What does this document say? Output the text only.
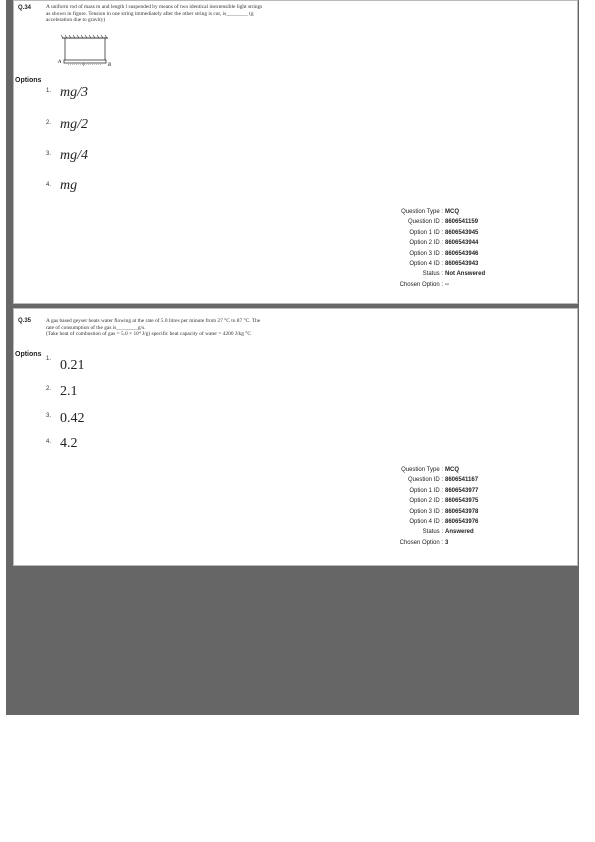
Q.34	A uniform rod of mass m and length l suspended by means of two identical inextensible light strings
as shown in figure. Tension in one string immediately after the other string is cut, is________ (g
acceleration due to gravity)
A
B
l
Options
1. mg/3
2. mg/2
3. mg/4
4. mg
Question Type : MCQ
Question ID : 8606541159
Option 1 ID : 8606543945
Option 2 ID : 8606543944
Option 3 ID : 8606543946
Option 4 ID : 8606543943
Status : Not Answered
Chosen Option : --
Q.35	A gas based geyser heats water flowing at the rate of 5.0 litres per minute from 27 °C to 87 °C. The
rate of consumption of the gas is________g/s.
(Take heat of combustion of gas = 5.0 × 10⁴ J/g) specific heat capacity of water = 4200 J/kg °C
Options
1. 0.21
2. 2.1
3. 0.42
4. 4.2
Question Type : MCQ
Question ID : 8606541167
Option 1 ID : 8606543977
Option 2 ID : 8606543975
Option 3 ID : 8606543978
Option 4 ID : 8606543976
Status : Answered
Chosen Option : 3
